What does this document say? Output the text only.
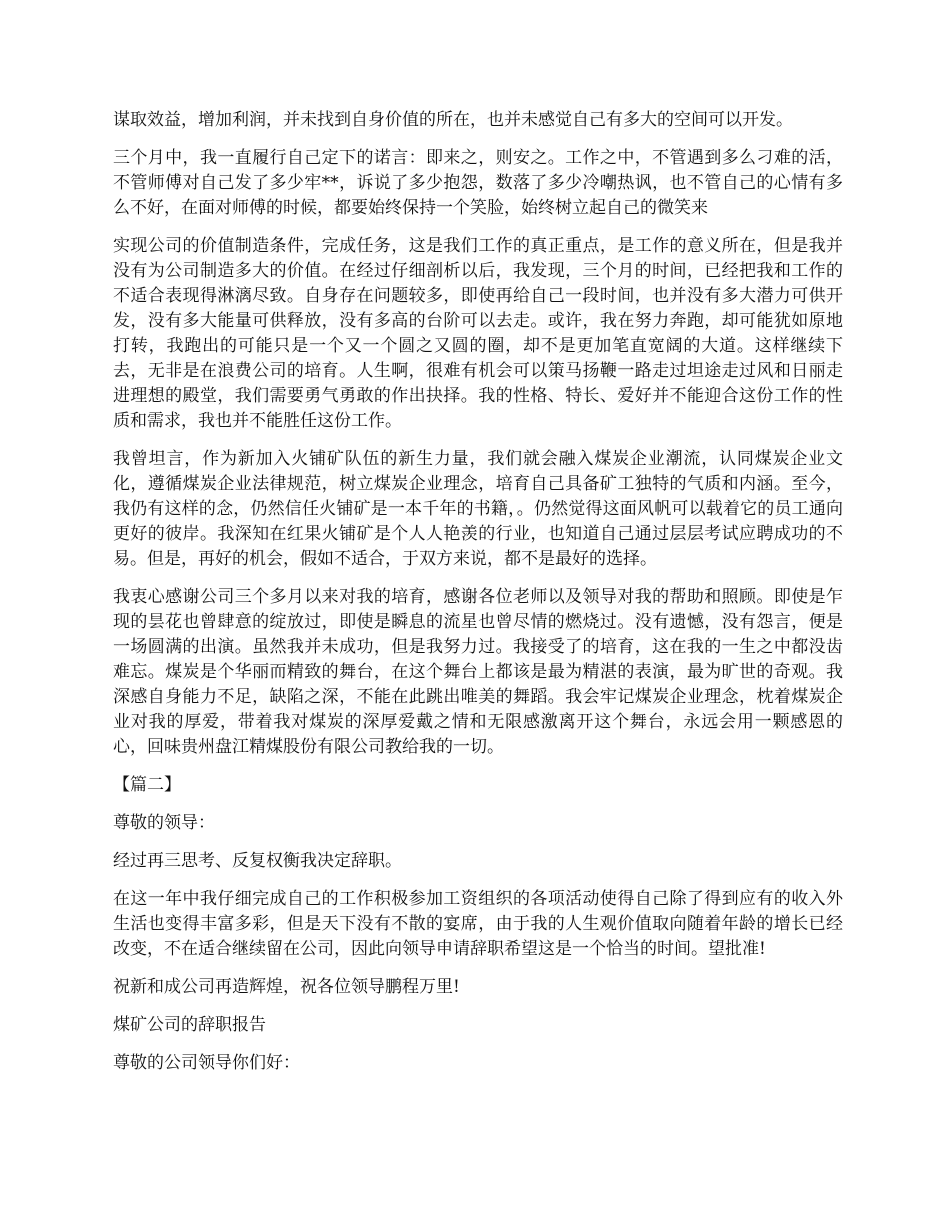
谋取效益，增加利润，并未找到自身价值的所在，也并未感觉自己有多大的空间可以开发。

三个月中，我一直履行自己定下的诺言：即来之，则安之。工作之中，不管遇到多么刁难的活，不管师傅对自己发了多少牢**，诉说了多少抱怨，数落了多少冷嘲热讽，也不管自己的心情有多么不好，在面对师傅的时候，都要始终保持一个笑脸，始终树立起自己的微笑来

实现公司的价值制造条件，完成任务，这是我们工作的真正重点，是工作的意义所在，但是我并没有为公司制造多大的价值。在经过仔细剖析以后，我发现，三个月的时间，已经把我和工作的不适合表现得淋漓尽致。自身存在问题较多，即使再给自己一段时间，也并没有多大潜力可供开发，没有多大能量可供释放，没有多高的台阶可以去走。或许，我在努力奔跑，却可能犹如原地打转，我跑出的可能只是一个又一个圆之又圆的圈，却不是更加笔直宽阔的大道。这样继续下去，无非是在浪费公司的培育。人生啊，很难有机会可以策马扬鞭一路走过坦途走过风和日丽走进理想的殿堂，我们需要勇气勇敢的作出抉择。我的性格、特长、爱好并不能迎合这份工作的性质和需求，我也并不能胜任这份工作。

我曾坦言，作为新加入火铺矿队伍的新生力量，我们就会融入煤炭企业潮流，认同煤炭企业文化，遵循煤炭企业法律规范，树立煤炭企业理念，培育自己具备矿工独特的气质和内涵。至今，我仍有这样的念，仍然信任火铺矿是一本千年的书籍，。仍然觉得这面风帆可以载着它的员工通向更好的彼岸。我深知在红果火铺矿是个人人艳羡的行业，也知道自己通过层层考试应聘成功的不易。但是，再好的机会，假如不适合，于双方来说，都不是最好的选择。

我衷心感谢公司三个多月以来对我的培育，感谢各位老师以及领导对我的帮助和照顾。即使是乍现的昙花也曾肆意的绽放过，即使是瞬息的流星也曾尽情的燃烧过。没有遗憾，没有怨言，便是一场圆满的出演。虽然我并未成功，但是我努力过。我接受了的培育，这在我的一生之中都没齿难忘。煤炭是个华丽而精致的舞台，在这个舞台上都该是最为精湛的表演，最为旷世的奇观。我深感自身能力不足，缺陷之深，不能在此跳出唯美的舞蹈。我会牢记煤炭企业理念，枕着煤炭企业对我的厚爱，带着我对煤炭的深厚爱戴之情和无限感激离开这个舞台，永远会用一颗感恩的心，回味贵州盘江精煤股份有限公司教给我的一切。

【篇二】

尊敬的领导：

经过再三思考、反复权衡我决定辞职。

在这一年中我仔细完成自己的工作积极参加工资组织的各项活动使得自己除了得到应有的收入外生活也变得丰富多彩，但是天下没有不散的宴席，由于我的人生观价值取向随着年龄的增长已经改变，不在适合继续留在公司，因此向领导申请辞职希望这是一个恰当的时间。望批准!

祝新和成公司再造辉煌，祝各位领导鹏程万里!

煤矿公司的辞职报告

尊敬的公司领导你们好：
